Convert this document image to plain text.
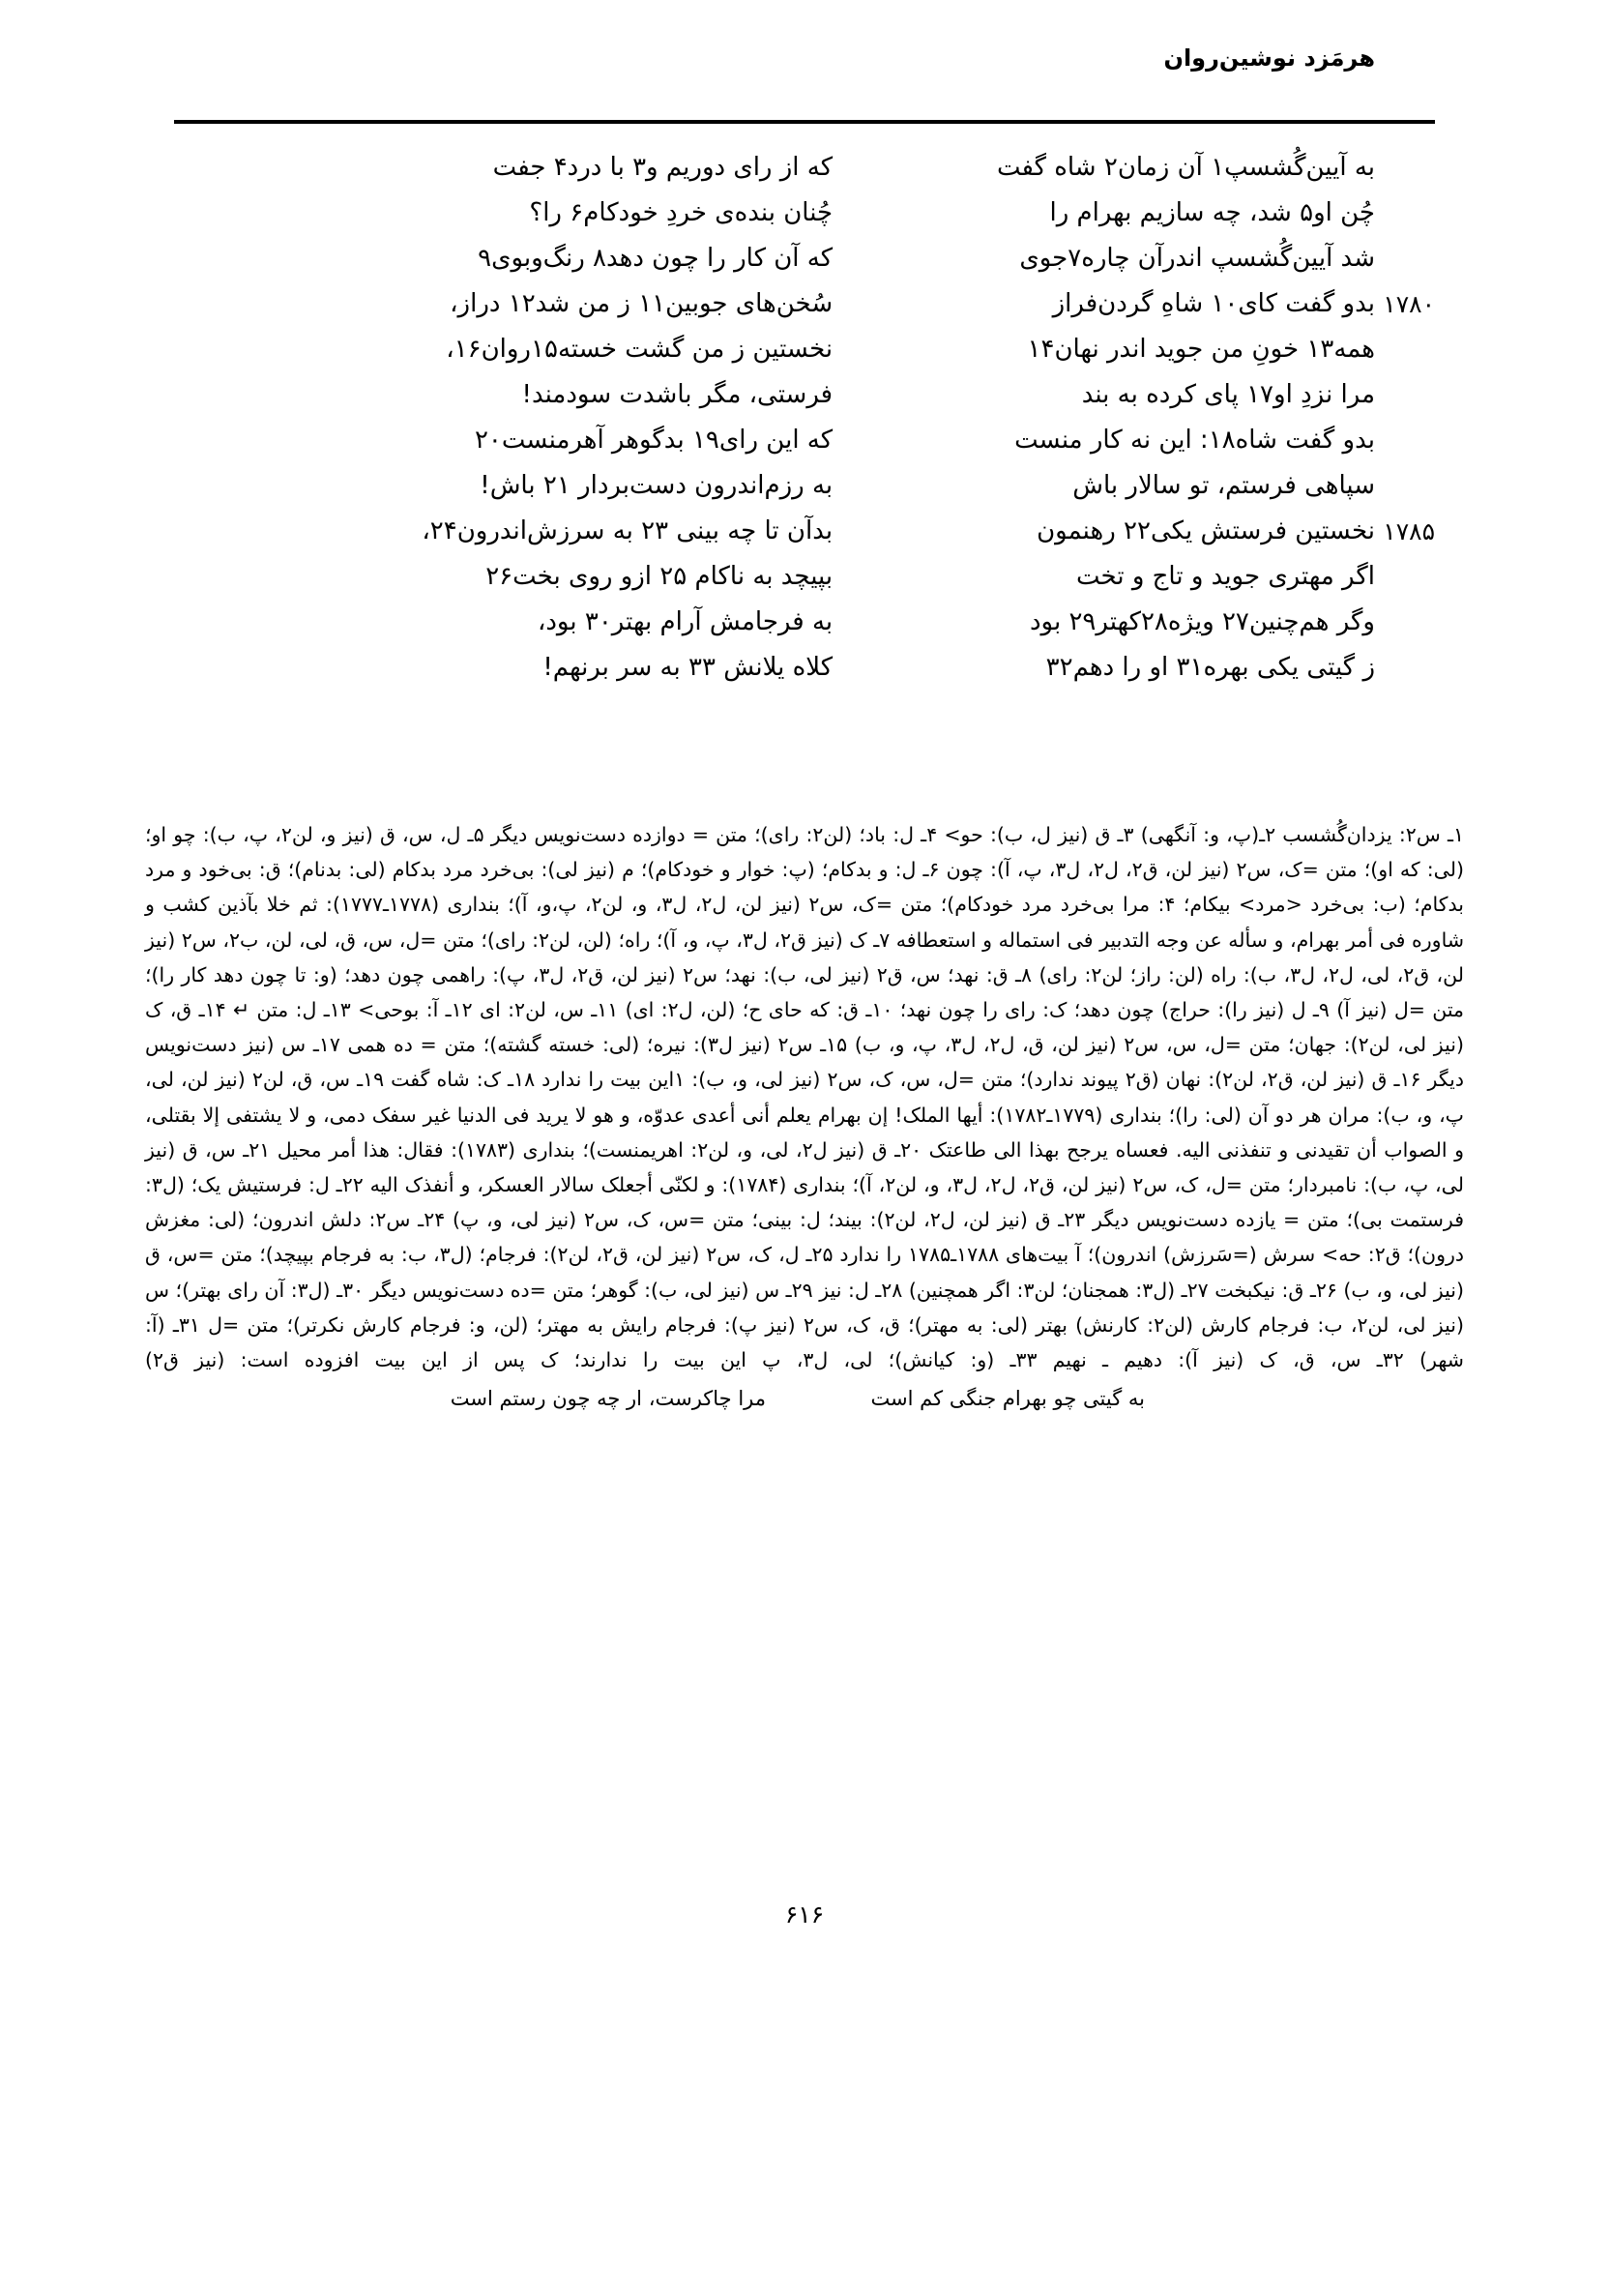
هرمَزد نوشین‌روان
به آیین‌گُشسپ١ آن زمان٢ شاه گفت
که از رای دوریم و٣ با درد۴ جفت
چُن او۵ شد، چه سازیم بهرام را
چُنان بنده‌ی خردِ خودکام۶ را؟
شد آیین‌گُشسپ اندرآن چاره٧جوی
که آن کار را چون دهد٨ رنگ‌وبوی٩
۱۷۸۰
بدو گفت کای١٠ شاهِ گردن‌فراز
سُخن‌های جوبین١١ ز من شد١٢ دراز،
همه١٣ خونِ من جوید اندر نهان١۴
نخستین ز من گشت خسته١۵روان١۶،
مرا نزدِ او١٧ پای کرده به بند
فرستی، مگر باشدت سودمند!
بدو گفت شاه١٨: این نه کار منست
که این رای١٩ بدگوهر آهرمنست٢٠
سپاهی فرستم، تو سالار باش
به رزم‌اندرون دست‌بردار ٢١ باش!
۱۷۸۵
نخستین فرستش یکی٢٢ رهنمون
بدآن تا چه بینی ٢٣ به سرزش‌اندرون٢۴،
اگر مهتری جوید و تاج و تخت
بپیچد به ناکام ٢۵ ازو روی بخت٢۶
وگر هم‌چنین٢٧ ویژه٢٨کهتر٢٩ بود
به فرجامش آرام بهتر٣٠ بود،
ز گیتی یکی بهره٣١ او را دهم٣٢
کلاه یلانش ٣٣ به سر برنهم!

١ـ س٢: یزدان‌گُشسب ٢ـ(پ، و: آنگهی) ٣ـ ق (نیز ل، ب): حو> ۴ـ ل: باد؛ (لن٢: رای)؛ متن = دوازده دست‌نویس دیگر ۵ـ ل، س، ق (نیز و، لن٢، پ، ب): چو او؛ (لی: که او)؛ متن =ک، س٢ (نیز لن، ق٢، ل٢، ل٣، پ، آ): چون ۶ـ ل: و بدکام؛ (پ: خوار و خودکام)؛ م (نیز لی): بی‌خرد مرد بدکام (لی: بدنام)؛ ق: بی‌خود و مرد بدکام؛ (ب: بی‌خرد <مرد> بیکام؛ ۴: مرا بی‌خرد مرد خودکام)؛ متن =ک، س٢ (نیز لن، ل٢، ل٣، و، لن٢، پ،و، آ)؛ بنداری (١٧٧٨ـ١٧٧٧): ثم خلا بآذین کشب و شاوره فی أمر بهرام، و سأله عن وجه التدبیر فی استماله و استعطافه ٧ـ ک (نیز ق٢، ل٣، پ، و، آ)؛ راه؛ (لن، لن٢: رای)؛ متن =ل، س، ق، لی، لن، ب٢، س٢ (نیز لن، ق٢، لی، ل٢، ل٣، ب): راه (لن: راز؛ لن٢: رای) ٨ـ ق: نهد؛ س، ق٢ (نیز لی، ب): نهد؛ س٢ (نیز لن، ق٢، ل٣، پ): راهمی چون دهد؛ (و: تا چون دهد کار را)؛ متن =ل (نیز آ) ٩ـ ل (نیز را): حراج) چون دهد؛ ک: رای را چون نهد؛ ١٠ـ ق: که حای ح؛ (لن، ل٢: ای) ١١ـ س، لن٢: ای ١٢ـ آ: بوحی> ١٣ـ ل: متن ↵ ١۴ـ ق، ک (نیز لی، لن٢): جهان؛ متن =ل، س، س٢ (نیز لن، ق، ل٢، ل٣، پ، و، ب) ١۵ـ س٢ (نیز ل٣): نیره؛ (لی: خسته گشته)؛ متن = ده همی ١٧ـ س (نیز دست‌نویس دیگر ١۶ـ ق (نیز لن، ق٢، لن٢): نهان (ق٢ پیوند ندارد)؛ متن =ل، س، ک، س٢ (نیز لی، و، ب): ١این بیت را ندارد ١٨ـ ک: شاه گفت ١٩ـ س، ق، لن٢ (نیز لن، لی، پ، و، ب): مران هر دو آن (لی: را)؛ بنداری (١٧٧٩ـ١٧٨٢): أیها الملک! إن بهرام یعلم أنی أعدی عدوّه، و هو لا یرید فی الدنیا غیر سفک دمی، و لا یشتفی إلا بقتلی، و الصواب أن تقیدنی و تنفذنی الیه. فعساه یرجح بهذا الی طاعتک ٢٠ـ ق (نیز ل٢، لی، و، لن٢: اهریمنست)؛ بنداری (١٧٨٣): فقال: هذا أمر محیل ٢١ـ س، ق (نیز لی، پ، ب): نامبردار؛ متن =ل، ک، س٢ (نیز لن، ق٢، ل٢، ل٣، و، لن٢، آ)؛ بنداری (١٧٨۴): و لکنّی أجعلک سالار العسکر، و أنفذک الیه ٢٢ـ ل: فرستیش یک؛ (ل٣: فرستمت بی)؛ متن = یازده دست‌نویس دیگر ٢٣ـ ق (نیز لن، ل٢، لن٢): بیند؛ ل: بینی؛ متن =س، ک، س٢ (نیز لی، و، پ) ٢۴ـ س٢: دلش اندرون؛ (لی: مغزش درون)؛ ق٢: حه> سرش (=سَرزش) اندرون)؛ آ بیت‌های ١٧٨٨ـ١٧٨۵ را ندارد ٢۵ـ ل، ک، س٢ (نیز لن، ق٢، لن٢): فرجام؛ (ل٣، ب: به فرجام بپیچد)؛ متن =س، ق (نیز لی، و، ب) ٢۶ـ ق: نیکبخت ٢٧ـ (ل٣: همجنان؛ لن٣: اگر همچنین) ٢٨ـ ل: نیز ٢٩ـ س (نیز لی، ب): گوهر؛ متن =ده دست‌نویس دیگر ٣٠ـ (ل٣: آن رای بهتر)؛ س (نیز لی، لن٢، ب: فرجام کارش (لن٢: کارنش) بهتر (لی: به مهتر)؛ ق، ک، س٢ (نیز پ): فرجام رایش به مهتر؛ (لن، و: فرجام کارش نکرتر)؛ متن =ل ٣١ـ (آ: شهر) ٣٢ـ س، ق، ک (نیز آ): دهیم ـ نهیم ٣٣ـ (و: کیانش)؛ لی، ل٣، پ این بیت را ندارند؛ ک پس از این بیت افزوده است: (نیز ق٢)

به گیتی چو بهرام جنگی کم است
مرا چاکرست، ار چه چون رستم است
۶۱۶
